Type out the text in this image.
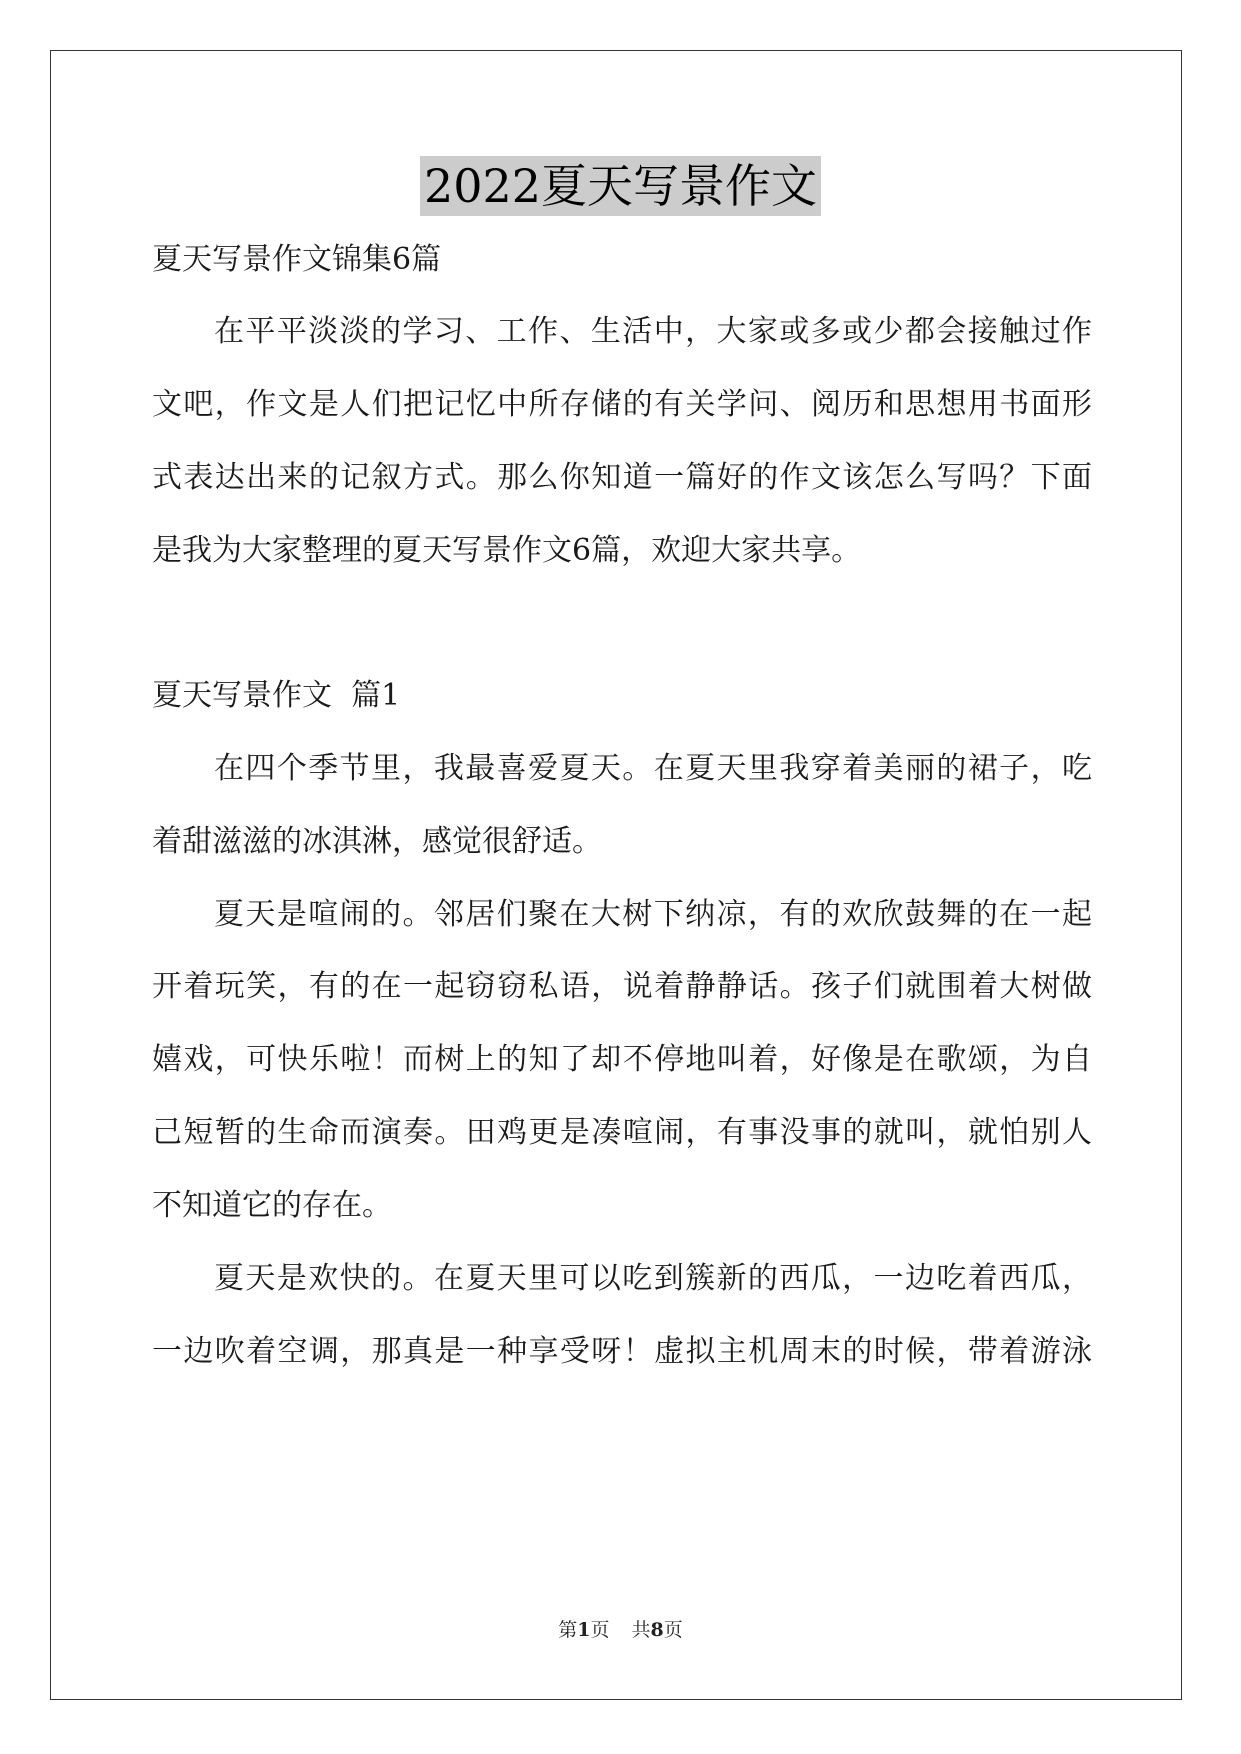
2022夏天写景作文
夏天写景作文锦集6篇
在平平淡淡的学习、工作、生活中，大家或多或少都会接触过作
文吧，作文是人们把记忆中所存储的有关学问、阅历和思想用书面形
式表达出来的记叙方式。那么你知道一篇好的作文该怎么写吗？下面
是我为大家整理的夏天写景作文6篇，欢迎大家共享。
夏天写景作文  篇1
在四个季节里，我最喜爱夏天。在夏天里我穿着美丽的裙子，吃
着甜滋滋的冰淇淋，感觉很舒适。
夏天是喧闹的。邻居们聚在大树下纳凉，有的欢欣鼓舞的在一起
开着玩笑，有的在一起窃窃私语，说着静静话。孩子们就围着大树做
嬉戏，可快乐啦！而树上的知了却不停地叫着，好像是在歌颂，为自
己短暂的生命而演奏。田鸡更是凑喧闹，有事没事的就叫，就怕别人
不知道它的存在。
夏天是欢快的。在夏天里可以吃到簇新的西瓜，一边吃着西瓜，
一边吹着空调，那真是一种享受呀！虚拟主机周末的时候，带着游泳
第1页 共8页
